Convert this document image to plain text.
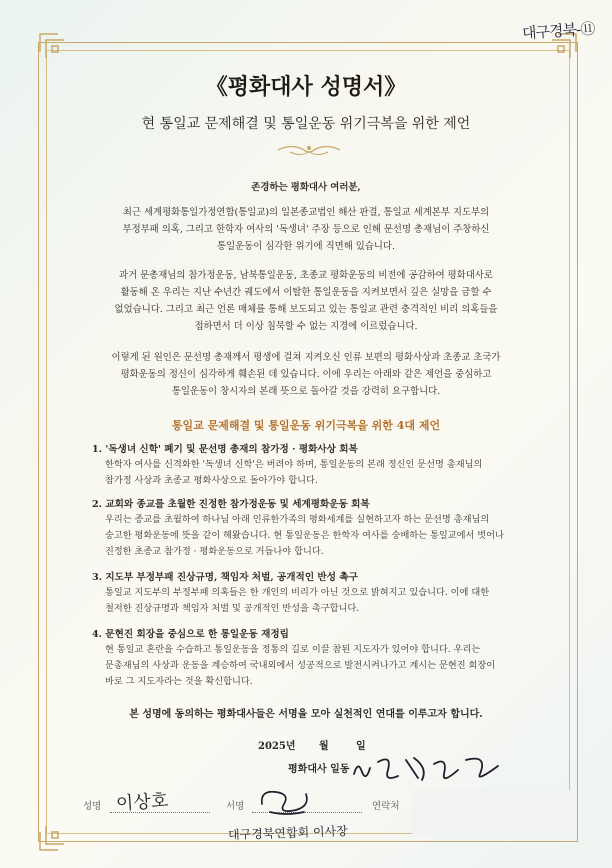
대구경북-⑪
《평화대사 성명서》
현 통일교 문제해결 및 통일운동 위기극복을 위한 제언
존경하는 평화대사 여러분,
최근 세계평화통일가정연합(통일교)의 일본종교법인 해산 판결, 통일교 세계본부 지도부의
부정부패 의혹, 그리고 한학자 여사의 '독생녀' 주장 등으로 인해 문선명 총재님이 주창하신
통일운동이 심각한 위기에 직면해 있습니다.
과거 문총재님의 참가정운동, 남북통일운동, 초종교 평화운동의 비전에 공감하여 평화대사로
활동해 온 우리는 지난 수년간 궤도에서 이탈한 통일운동을 지켜보면서 깊은 실망을 금할 수
없었습니다. 그리고 최근 언론 매체를 통해 보도되고 있는 통일교 관련 충격적인 비리 의혹들을
접하면서 더 이상 침묵할 수 없는 지경에 이르렀습니다.
이렇게 된 원인은 문선명 총재께서 평생에 걸쳐 지켜오신 인류 보편의 평화사상과 초종교 초국가
평화운동의 정신이 심각하게 훼손된 데 있습니다. 이에 우리는 아래와 같은 제언을 중심하고
통일운동이 창시자의 본래 뜻으로 돌아갈 것을 강력히 요구합니다.
통일교 문제해결 및 통일운동 위기극복을 위한 4대 제언
1. '독생녀 신학' 폐기 및 문선명 총재의 참가정 · 평화사상 회복
한학자 여사를 신격화한 '독생녀 신학'은 버려야 하며, 통일운동의 본래 정신인 문선명 총재님의
참가정 사상과 초종교 평화사상으로 돌아가야 합니다.
2. 교회와 종교를 초월한 진정한 참가정운동 및 세계평화운동 회복
우리는 종교를 초월하여 하나님 아래 인류한가족의 평화세계를 실현하고자 하는 문선명 총재님의
숭고한 평화운동에 뜻을 같이 해왔습니다. 현 통일운동은 한학자 여사를 숭배하는 통일교에서 벗어나
진정한 초종교 참가정 · 평화운동으로 거듭나야 합니다.
3. 지도부 부정부패 진상규명, 책임자 처벌, 공개적인 반성 촉구
통일교 지도부의 부정부패 의혹들은 한 개인의 비리가 아닌 것으로 밝혀지고 있습니다. 이에 대한
철저한 진상규명과 책임자 처벌 및 공개적인 반성을 촉구합니다.
4. 문현진 회장을 중심으로 한 통일운동 재정립
현 통일교 혼란을 수습하고 통일운동을 정통의 길로 이끌 참된 지도자가 있어야 합니다. 우리는
문총재님의 사상과 운동을 계승하여 국내외에서 성공적으로 발전시켜나가고 계시는 문현진 회장이
바로 그 지도자라는 것을 확신합니다.
본 성명에 동의하는 평화대사들은 서명을 모아 실천적인 연대를 이루고자 합니다.
2025년 월	일
평화대사 일동
성명 이상호	서명	연락처
대구경북연합회 이사장
